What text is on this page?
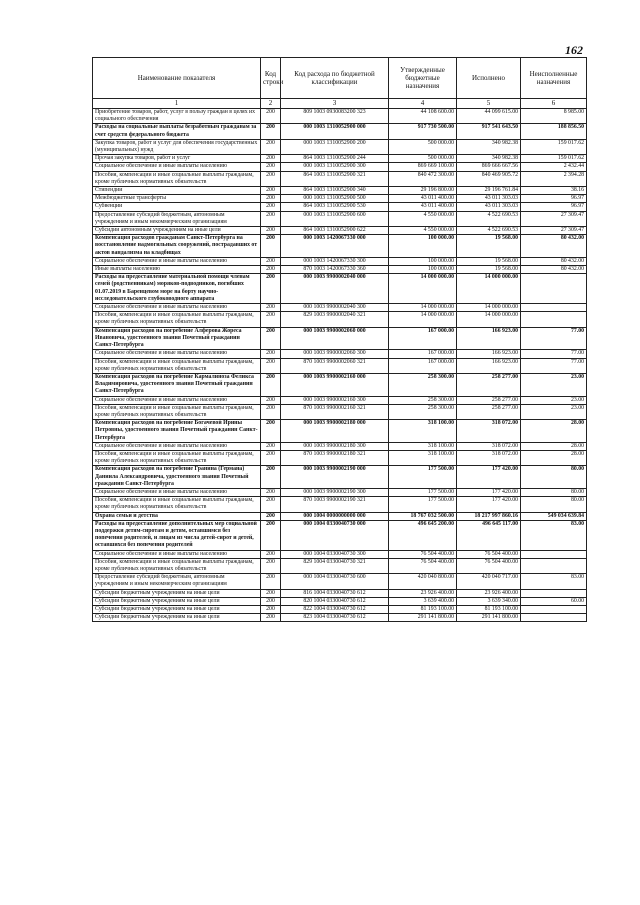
162
Наименование показателя	Код строки	Код расхода по бюджетной классификации	Утвержденные бюджетные назначения	Исполнено	Неисполненные назначения
1	2	3	4	5	6
Приобретение товаров, работ, услуг в пользу граждан в целях их социального обеспечения	200	809 1003 0930083200 323	44 108 600.00	44 099 615.00	8 985.00
Расходы на социальные выплаты безработным гражданам за счет средств федерального бюджета	200	000 1003 1310052900 000	917 730 500.00	917 541 643.50	188 856.50
Закупка товаров, работ и услуг для обеспечения государственных (муниципальных) нужд	200	000 1003 1310052900 200	500 000.00	340 982.38	159 017.62
Прочая закупка товаров, работ и услуг	200	864 1003 1310052900 244	500 000.00	340 982.38	159 017.62
Социальное обеспечение и иные выплаты населению	200	000 1003 1310052900 300	869 669 100.00	869 666 667.56	2 432.44
Пособия, компенсации и иные социальные выплаты гражданам, кроме публичных нормативных обязательств	200	864 1003 1310052900 321	840 472 300.00	840 469 905.72	2 394.28
Стипендии	200	864 1003 1310052900 340	29 196 800.00	29 196 761.84	38.16
Межбюджетные трансферты	200	000 1003 1310052900 500	43 011 400.00	43 011 303.03	96.97
Субвенции	200	864 1003 1310052900 530	43 011 400.00	43 011 303.03	96.97
Предоставление субсидий бюджетным, автономным учреждениям и иным некоммерческим организациям	200	000 1003 1310052900 600	4 550 000.00	4 522 690.53	27 309.47
Субсидии автономным учреждениям на иные цели	200	864 1003 1310052900 622	4 550 000.00	4 522 690.53	27 309.47
Компенсация расходов гражданам Санкт-Петербурга на восстановление надмогильных сооружений, пострадавших от актов вандализма на кладбищах	200	000 1003 1420067330 000	100 000.00	19 568.00	80 432.00
Социальное обеспечение и иные выплаты населению	200	000 1003 1420067330 300	100 000.00	19 568.00	80 432.00
Иные выплаты населению	200	870 1003 1420067330 360	100 000.00	19 568.00	80 432.00
Расходы на предоставление материальной помощи членам семей (родственникам) моряков-подводников, погибших 01.07.2019 в Баренцевом море на борту научно-исследовательского глубоководного аппарата	200	000 1003 9900002040 000	14 000 000.00	14 000 000.00	
Социальное обеспечение и иные выплаты населению	200	000 1003 9900002040 300	14 000 000.00	14 000 000.00	
Пособия, компенсации и иные социальные выплаты гражданам, кроме публичных нормативных обязательств	200	829 1003 9900002040 321	14 000 000.00	14 000 000.00	
Компенсация расходов на погребение Алферова Жореса Ивановича, удостоенного звания Почетный гражданин Санкт-Петербурга	200	000 1003 9900002060 000	167 000.00	166 923.00	77.00
Социальное обеспечение и иные выплаты населению	200	000 1003 9900002060 300	167 000.00	166 923.00	77.00
Пособия, компенсации и иные социальные выплаты гражданам, кроме публичных нормативных обязательств	200	870 1003 9900002060 321	167 000.00	166 923.00	77.00
Компенсация расходов на погребение Кармалиноза Феликса Владимировича, удостоенного звания Почетный гражданин Санкт-Петербурга	200	000 1003 9900002160 000	258 300.00	258 277.00	23.00
Социальное обеспечение и иные выплаты населению	200	000 1003 9900002160 300	258 300.00	258 277.00	23.00
Пособия, компенсации и иные социальные выплаты гражданам, кроме публичных нормативных обязательств	200	870 1003 9900002160 321	258 300.00	258 277.00	23.00
Компенсация расходов на погребение Богачевой Ирины Петровны, удостоенного звания Почетный гражданин Санкт-Петербурга	200	000 1003 9900002180 000	318 100.00	318 072.00	28.00
Социальное обеспечение и иные выплаты населению	200	000 1003 9900002180 300	318 100.00	318 072.00	28.00
Пособия, компенсации и иные социальные выплаты гражданам, кроме публичных нормативных обязательств	200	870 1003 9900002180 321	318 100.00	318 072.00	28.00
Компенсация расходов на погребение Гранина (Германа) Даниила Александровича, удостоенного звания Почетный гражданин Санкт-Петербурга	200	000 1003 9900002190 000	177 500.00	177 420.00	80.00
Социальное обеспечение и иные выплаты населению	200	000 1003 9900002190 300	177 500.00	177 420.00	80.00
Пособия, компенсации и иные социальные выплаты гражданам, кроме публичных нормативных обязательств	200	870 1003 9900002190 321	177 500.00	177 420.00	80.00
Охрана семьи и детства	200	000 1004 0000000000 000	18 767 032 500.00	18 217 997 860.16	549 034 639.84
Расходы на предоставление дополнительных мер социальной поддержки детям-сиротам и детям, оставшимся без попечения родителей, и лицам из числа детей-сирот и детей, оставшихся без попечения родителей	200	000 1004 0330040730 000	496 645 200.00	496 645 117.00	83.00
Социальное обеспечение и иные выплаты населению	200	000 1004 0330040730 300	76 504 400.00	76 504 400.00	
Пособия, компенсации и иные социальные выплаты гражданам, кроме публичных нормативных обязательств	200	829 1004 0330040730 321	76 504 400.00	76 504 400.00	
Предоставление субсидий бюджетным, автономным учреждениям и иным некоммерческим организациям	200	000 1004 0330040730 600	420 040 800.00	420 040 717.00	83.00
Субсидии бюджетным учреждениям на иные цели	200	816 1004 0330040730 612	23 926 400.00	23 926 400.00	
Субсидии бюджетным учреждениям на иные цели	200	820 1004 0330040730 612	3 639 400.00	3 639 340.00	60.00
Субсидии бюджетным учреждениям на иные цели	200	822 1004 0330040730 612	81 193 100.00	81 193 100.00	
Субсидии бюджетным учреждениям на иные цели	200	823 1004 0330040730 612	291 141 800.00	291 141 800.00	
